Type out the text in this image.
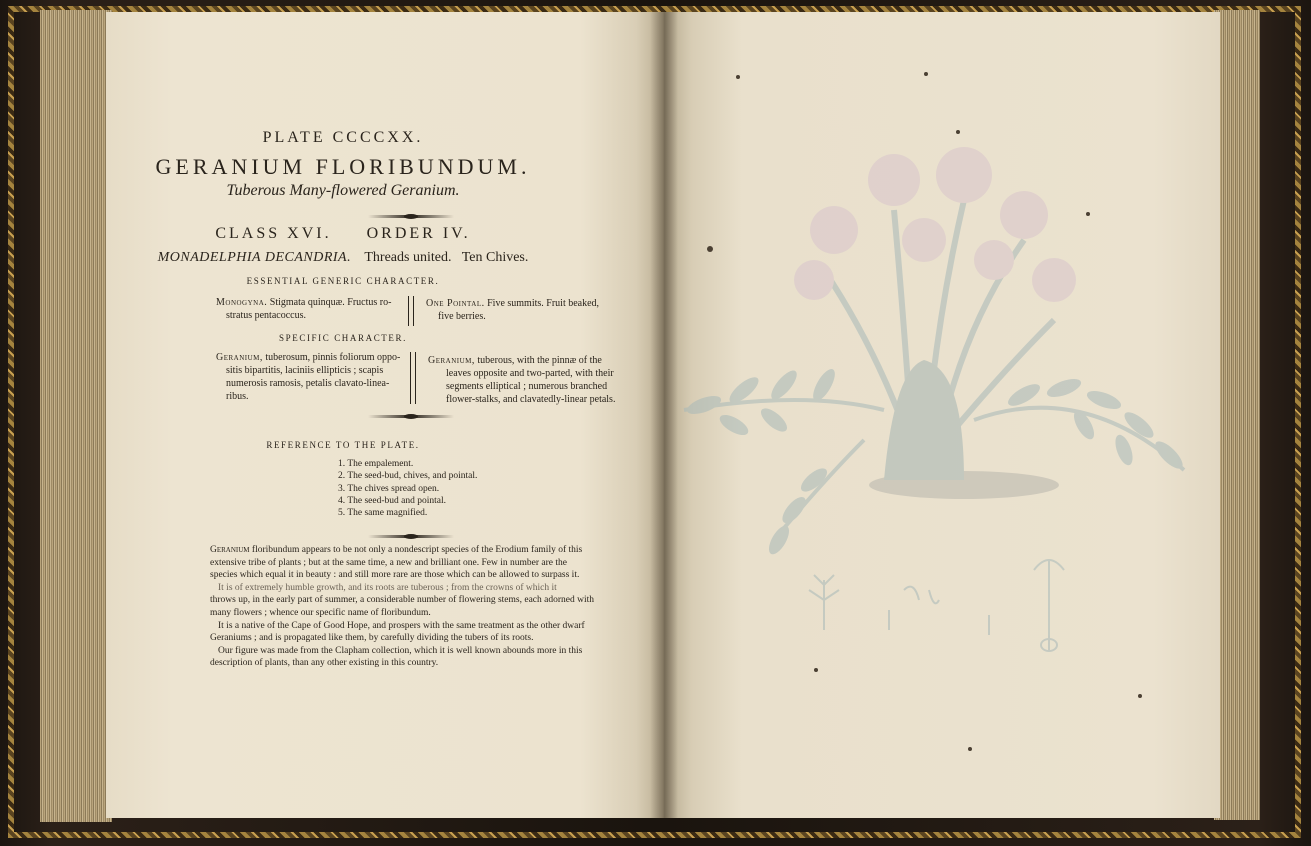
PLATE CCCCXX.
GERANIUM FLORIBUNDUM.
Tuberous Many-flowered Geranium.
CLASS XVI. ORDER IV.
MONADELPHIA DECANDRIA. Threads united. Ten Chives.
ESSENTIAL GENERIC CHARACTER.
Monogyna. Stigmata quinquæ. Fructus ro-
stratus pentacoccus.
One Pointal. Five summits. Fruit beaked,
five berries.
SPECIFIC CHARACTER.
Geranium, tuberosum, pinnis foliorum oppo-
sitis bipartitis, laciniis ellipticis ; scapis
numerosis ramosis, petalis clavato-linea-
ribus.
Geranium, tuberous, with the pinnæ of the
leaves opposite and two-parted, with their
segments elliptical ; numerous branched
flower-stalks, and clavatedly-linear petals.
REFERENCE TO THE PLATE.
1. The empalement.
2. The seed-bud, chives, and pointal.
3. The chives spread open.
4. The seed-bud and pointal.
5. The same magnified.

Geranium floribundum appears to be not only a nondescript species of the Erodium family of this
extensive tribe of plants ; but at the same time, a new and brilliant one. Few in number are the
species which equal it in beauty : and still more rare are those which can be allowed to surpass it.

It is of extremely humble growth, and its roots are tuberous ; from the crowns of which it
throws up, in the early part of summer, a considerable number of flowering stems, each adorned with
many flowers ; whence our specific name of floribundum.

It is a native of the Cape of Good Hope, and prospers with the same treatment as the other dwarf
Geraniums ; and is propagated like them, by carefully dividing the tubers of its roots.

Our figure was made from the Clapham collection, which it is well known abounds more in this
description of plants, than any other existing in this country.
